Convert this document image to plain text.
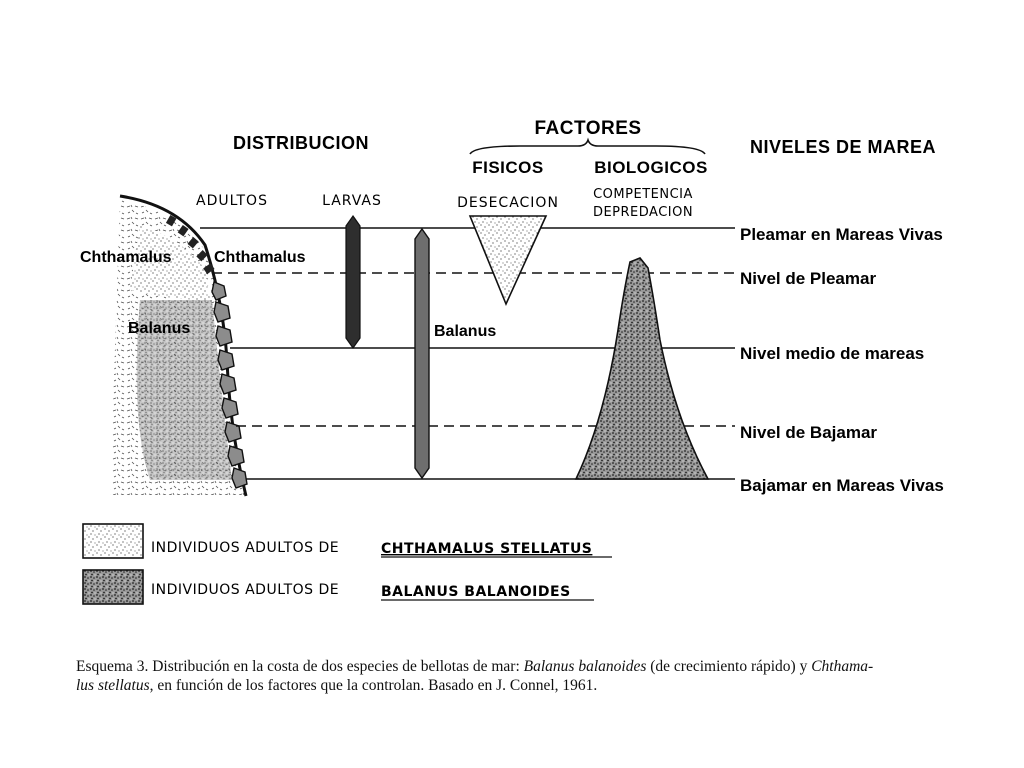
DISTRIBUCION
FACTORES
FISICOS	BIOLOGICOS
NIVELES DE MAREA
ADULTOS	LARVAS	DESECACION
COMPETENCIA
DEPREDACION
Chthamalus	Chthamalus
Balanus	Balanus
Pleamar en Mareas Vivas
Nivel de Pleamar
Nivel medio de mareas
Nivel de Bajamar
Bajamar en Mareas Vivas
INDIVIDUOS ADULTOS DE	CHTHAMALUS STELLATUS
INDIVIDUOS ADULTOS DE	BALANUS BALANOIDES

Esquema 3. Distribución en la costa de dos especies de bellotas de mar: Balanus balanoides (de crecimiento rápido) y Chthama-
lus stellatus, en función de los factores que la controlan. Basado en J. Connel, 1961.
